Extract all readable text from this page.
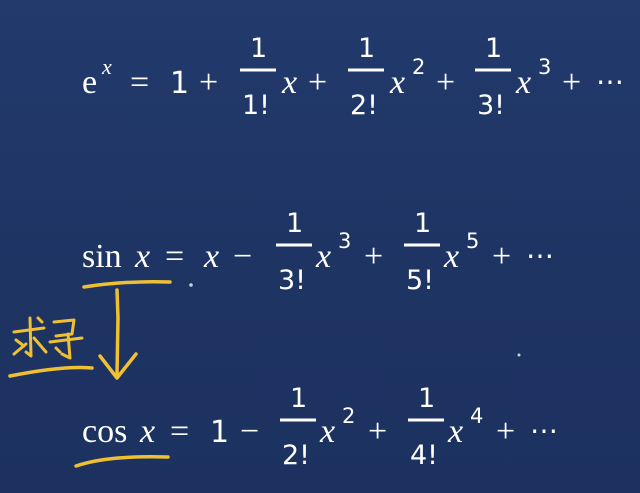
e x = 1 +
1
1!
x +
1
2!
x 2 +
1
3!
x 3 + ⋯
sin x = x −
1
3!
x 3 +
1
5!
x 5 + ⋯
cos x = 1 −
1
2!
x 2 +
1
4!
x 4 + ⋯
